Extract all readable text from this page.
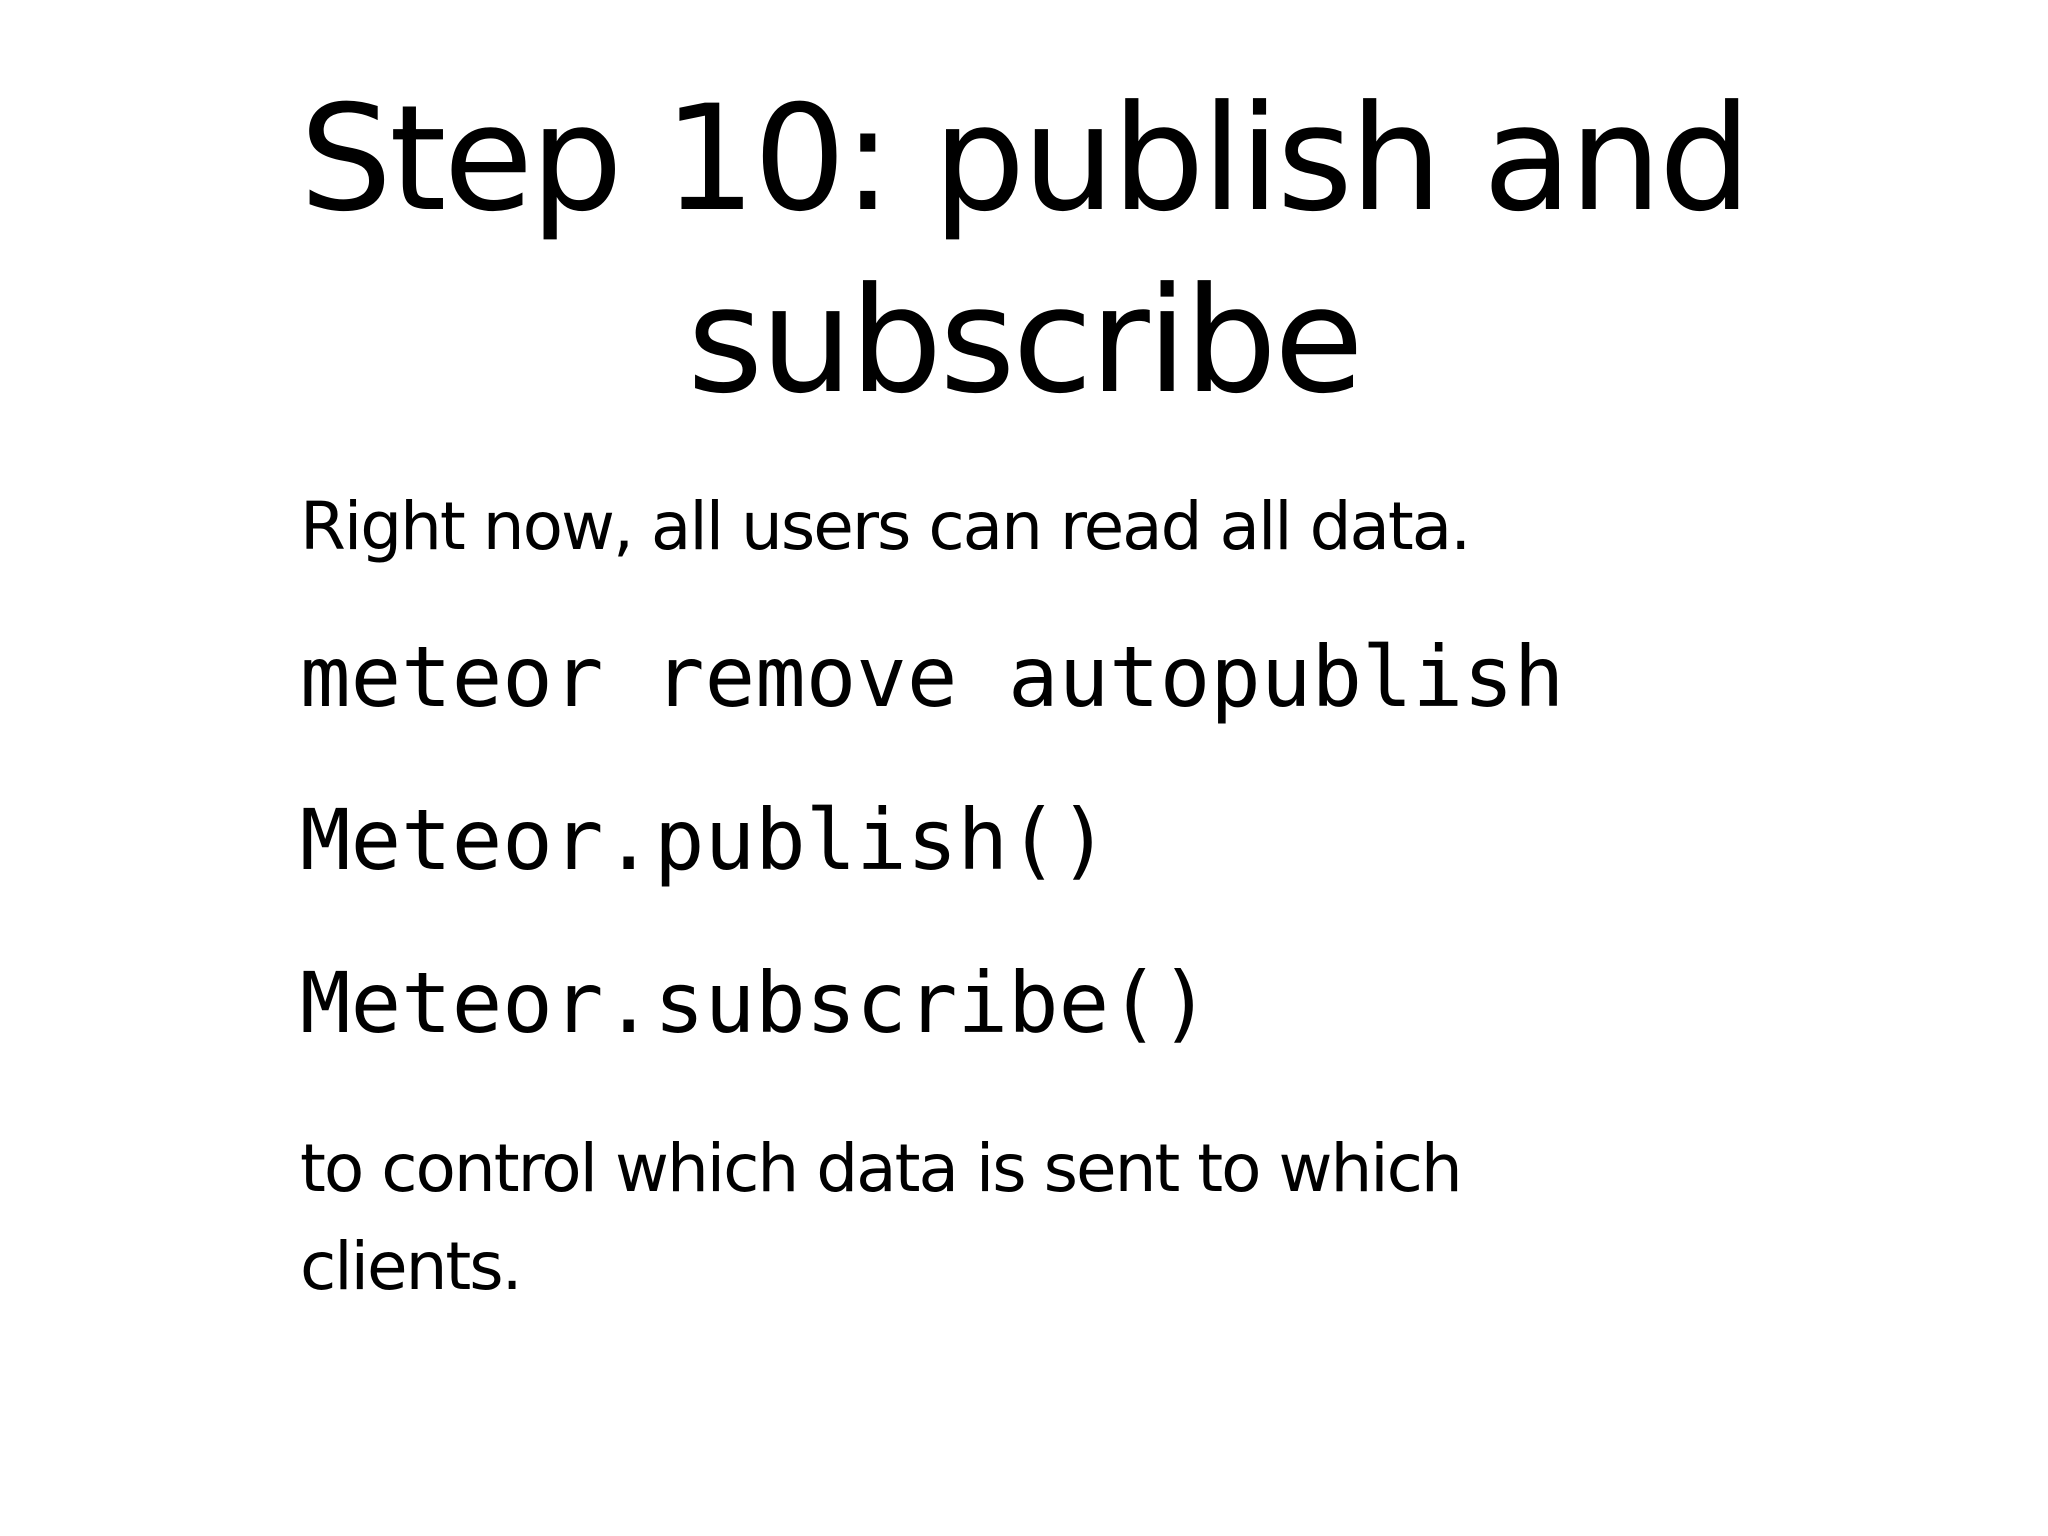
Step 10: publish and
subscribe

Right now, all users can read all data.

meteor remove autopublish

Meteor.publish()

Meteor.subscribe()

to control which data is sent to which
clients.
